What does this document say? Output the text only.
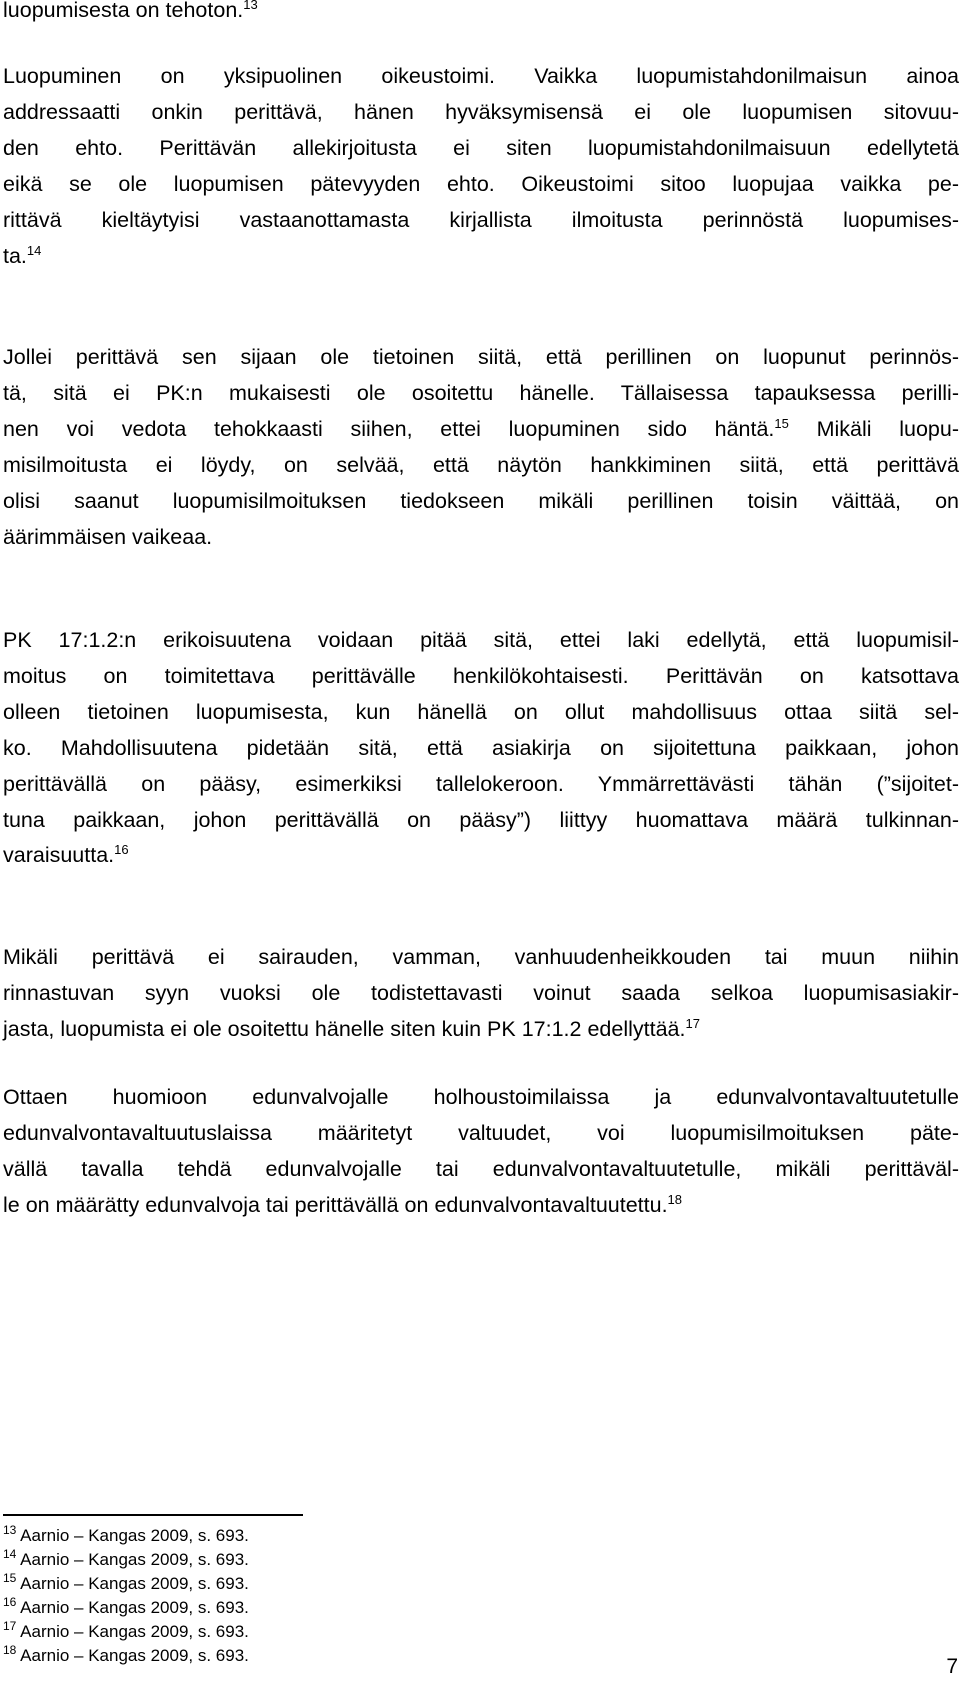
luopumisesta on tehoton.$^{13}$

Luopuminen on yksipuolinen oikeustoimi. Vaikka luopumistahdonilmaisun ainoa
addressaatti onkin perittävä, hänen hyväksymisensä ei ole luopumisen sitovuu-
den ehto. Perittävän allekirjoitusta ei siten luopumistahdonilmaisuun edellytetä
eikä se ole luopumisen pätevyyden ehto. Oikeustoimi sitoo luopujaa vaikka pe-
rittävä kieltäytyisi vastaanottamasta kirjallista ilmoitusta perinnöstä luopumises-
ta.$^{14}$

Jollei perittävä sen sijaan ole tietoinen siitä, että perillinen on luopunut perinnös-
tä, sitä ei PK:n mukaisesti ole osoitettu hänelle. Tällaisessa tapauksessa perilli-
nen voi vedota tehokkaasti siihen, ettei luopuminen sido häntä.$^{15}$ Mikäli luopu-
misilmoitusta ei löydy, on selvää, että näytön hankkiminen siitä, että perittävä
olisi saanut luopumisilmoituksen tiedokseen mikäli perillinen toisin väittää, on
äärimmäisen vaikeaa.

PK 17:1.2:n erikoisuutena voidaan pitää sitä, ettei laki edellytä, että luopumisil-
moitus on toimitettava perittävälle henkilökohtaisesti. Perittävän on katsottava
olleen tietoinen luopumisesta, kun hänellä on ollut mahdollisuus ottaa siitä sel-
ko. Mahdollisuutena pidetään sitä, että asiakirja on sijoitettuna paikkaan, johon
perittävällä on pääsy, esimerkiksi tallelokeroon. Ymmärrettävästi tähän (”sijoitet-
tuna paikkaan, johon perittävällä on pääsy”) liittyy huomattava määrä tulkinnan-
varaisuutta.$^{16}$

Mikäli perittävä ei sairauden, vamman, vanhuudenheikkouden tai muun niihin
rinnastuvan syyn vuoksi ole todistettavasti voinut saada selkoa luopumisasiakir-
jasta, luopumista ei ole osoitettu hänelle siten kuin PK 17:1.2 edellyttää.$^{17}$

Ottaen huomioon edunvalvojalle holhoustoimilaissa ja edunvalvontavaltuutetulle
edunvalvontavaltuutuslaissa määritetyt valtuudet, voi luopumisilmoituksen päte-
vällä tavalla tehdä edunvalvojalle tai edunvalvontavaltuutetulle, mikäli perittäväl-
le on määrätty edunvalvoja tai perittävällä on edunvalvontavaltuutettu.$^{18}$

$^{13}$ Aarnio – Kangas 2009, s. 693.
$^{14}$ Aarnio – Kangas 2009, s. 693.
$^{15}$ Aarnio – Kangas 2009, s. 693.
$^{16}$ Aarnio – Kangas 2009, s. 693.
$^{17}$ Aarnio – Kangas 2009, s. 693.
$^{18}$ Aarnio – Kangas 2009, s. 693.	7
